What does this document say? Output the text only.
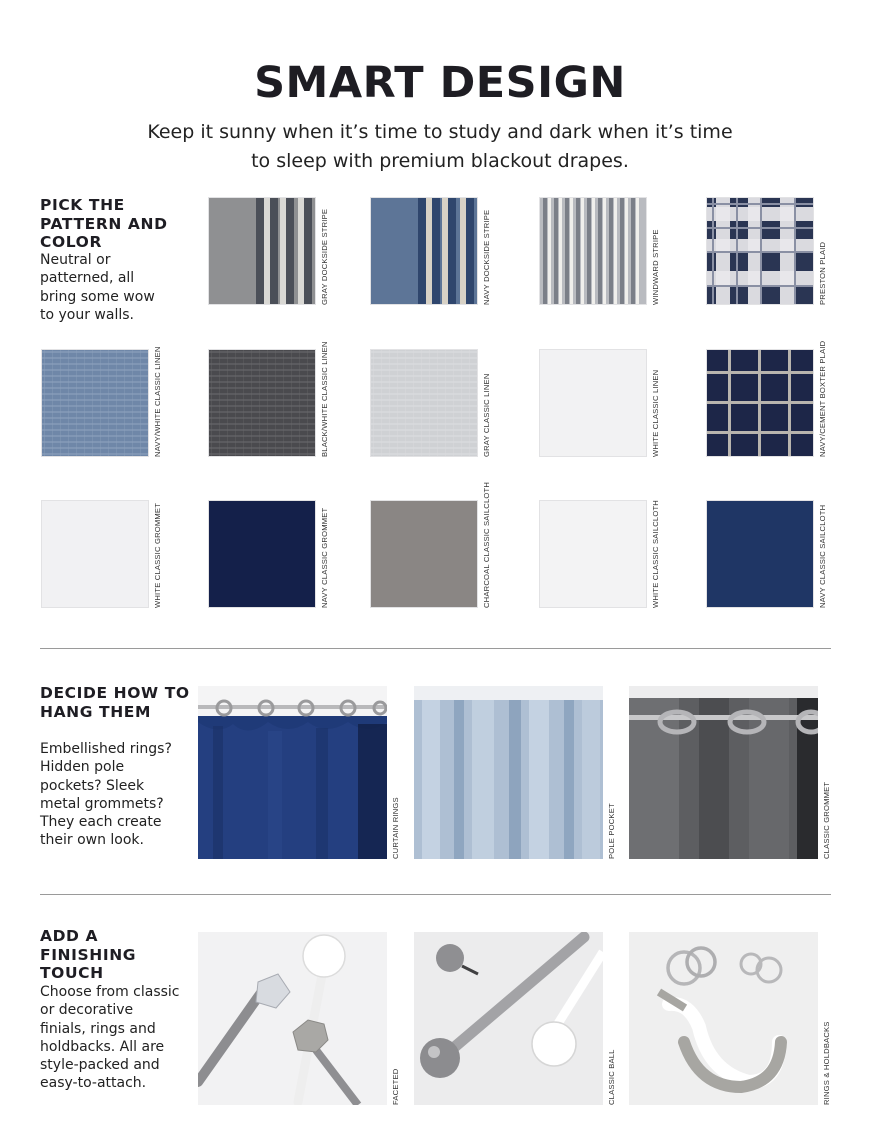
SMART DESIGN
Keep it sunny when it’s time to study and dark when it’s time to sleep with premium blackout drapes.
PICK THE PATTERN AND COLOR
Neutral or patterned, all bring some wow to your walls.
GRAY DOCKSIDE STRIPE	NAVY DOCKSIDE STRIPE	WINDWARD STRIPE	PRESTON PLAID
NAVY/WHITE CLASSIC LINEN	BLACK/WHITE CLASSIC LINEN	GRAY CLASSIC LINEN	WHITE CLASSIC LINEN	NAVY/CEMENT BOXTER PLAID
WHITE CLASSIC GROMMET	NAVY CLASSIC GROMMET	CHARCOAL CLASSIC SAILCLOTH	WHITE CLASSIC SAILCLOTH	NAVY CLASSIC SAILCLOTH
DECIDE HOW TO HANG THEM
Embellished rings? Hidden pole pockets? Sleek metal grommets? They each create their own look.
ADD A FINISHING TOUCH
Choose from classic or decorative finials, rings and holdbacks. All are style-packed and easy-to-attach.
CURTAIN RINGS	POLE POCKET	CLASSIC GROMMET
FACETED	CLASSIC BALL	RINGS & HOLDBACKS
